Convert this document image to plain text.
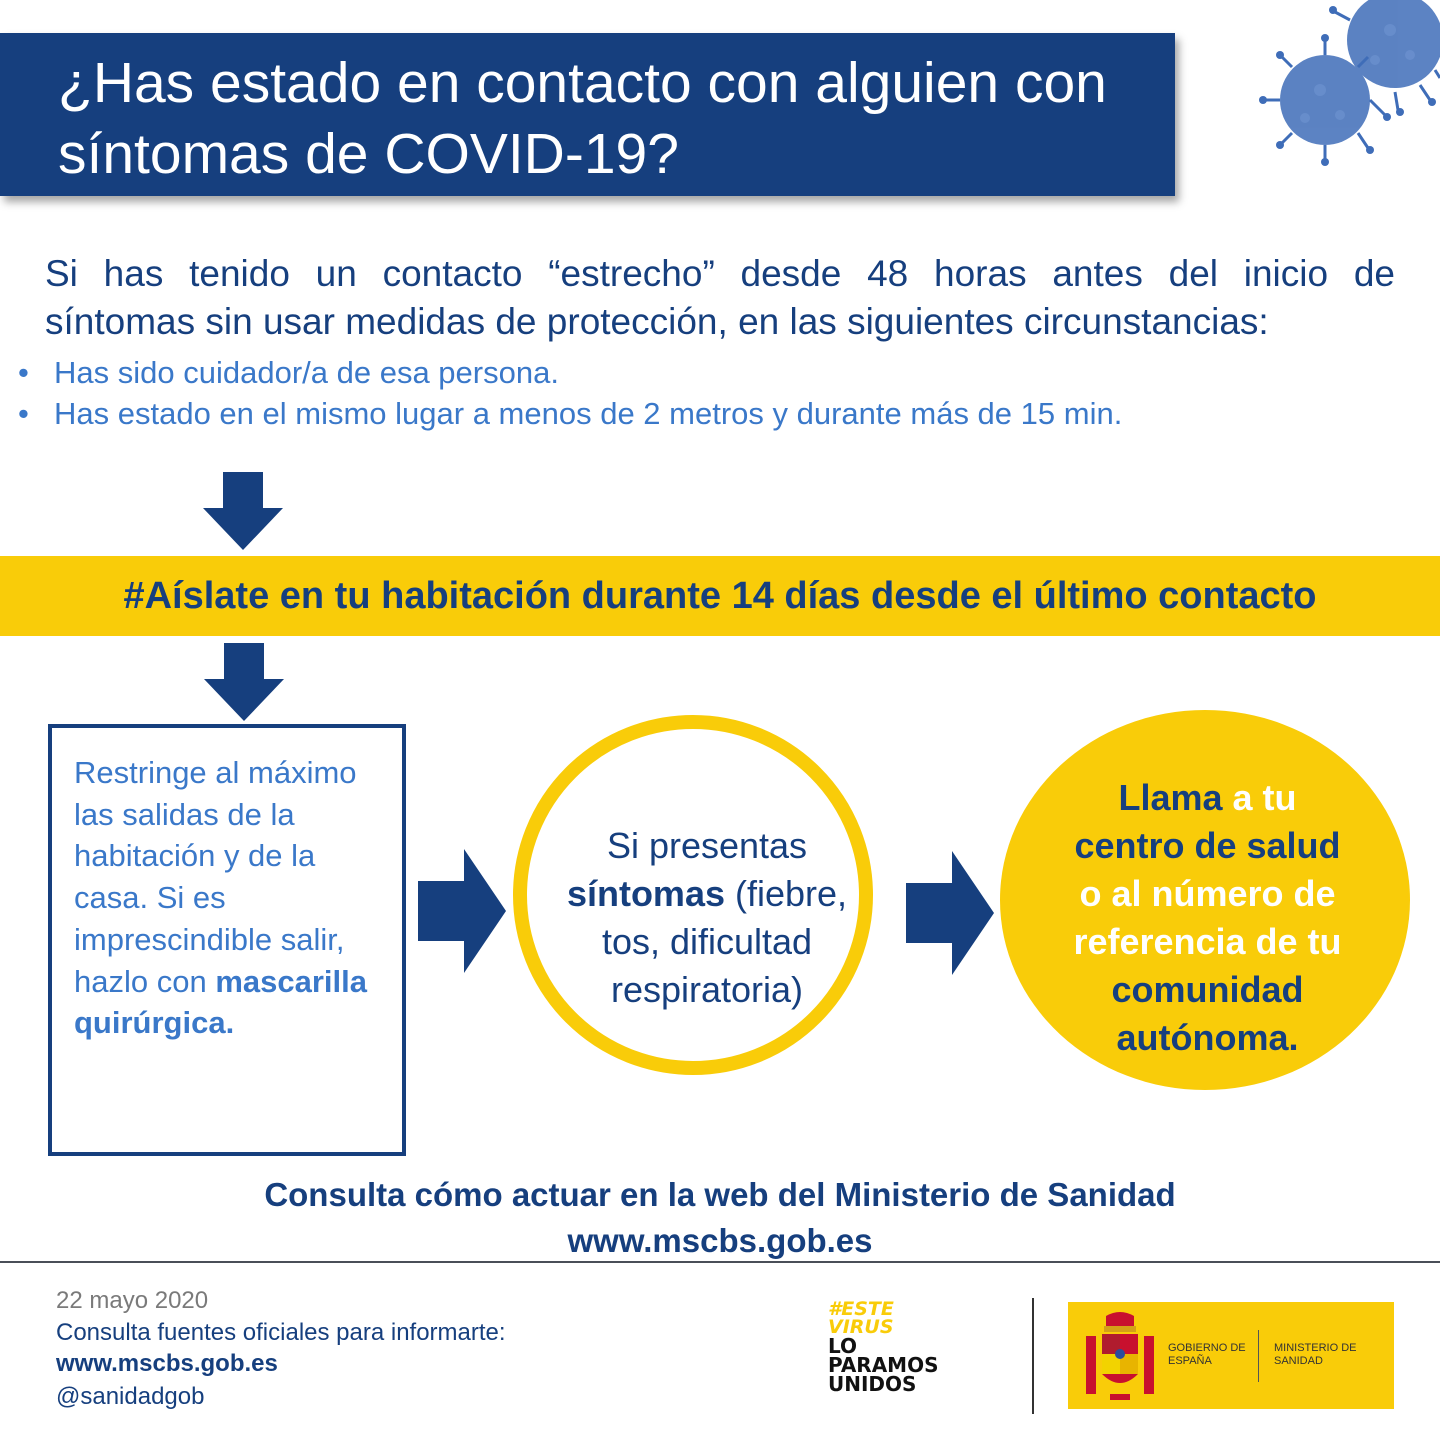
¿Has estado en contacto con alguien con
síntomas de COVID-19?
Si has tenido un contacto “estrecho” desde 48 horas antes del inicio de
síntomas sin usar medidas de protección, en las siguientes circunstancias:
• Has sido cuidador/a de esa persona.
• Has estado en el mismo lugar a menos de 2 metros y durante más de 15 min.
#Aíslate en tu habitación durante 14 días desde el último contacto
Restringe al máximo las salidas de la habitación y de la casa. Si es imprescindible salir, hazlo con mascarilla quirúrgica.
Si presentas
síntomas (fiebre, tos, dificultad respiratoria)
Llama a tu
centro de salud
o al número de
referencia de tu
comunidad autónoma.
Consulta cómo actuar en la web del Ministerio de Sanidad
www.mscbs.gob.es
22 mayo 2020
Consulta fuentes oficiales para informarte:
www.mscbs.gob.es
@sanidadgob
#ESTE
VIRUS
LO
PARAMOS
UNIDOS
GOBIERNO DE ESPAÑA
MINISTERIO DE SANIDAD
